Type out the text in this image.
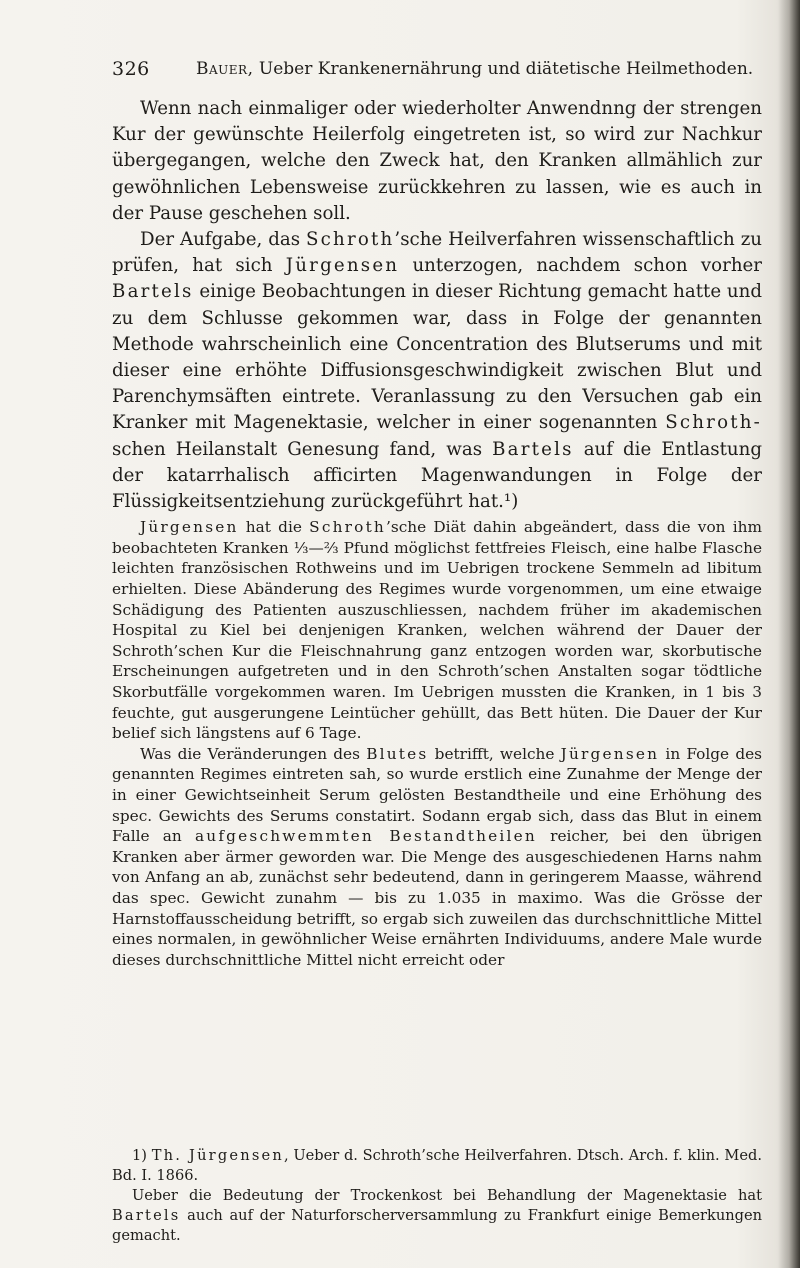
326	Bauer, Ueber Krankenernährung und diätetische Heilmethoden.

Wenn nach einmaliger oder wiederholter Anwendnng der strengen Kur der gewünschte Heilerfolg eingetreten ist, so wird zur Nachkur übergegangen, welche den Zweck hat, den Kranken allmählich zur gewöhnlichen Lebensweise zurückkehren zu lassen, wie es auch in der Pause geschehen soll.

Der Aufgabe, das Schroth’sche Heilverfahren wissenschaftlich zu prüfen, hat sich Jürgensen unterzogen, nachdem schon vorher Bartels einige Beobachtungen in dieser Richtung gemacht hatte und zu dem Schlusse gekommen war, dass in Folge der genannten Methode wahrscheinlich eine Concentration des Blutserums und mit dieser eine erhöhte Diffusionsgeschwindigkeit zwischen Blut und Parenchymsäften eintrete. Veranlassung zu den Versuchen gab ein Kranker mit Magenektasie, welcher in einer sogenannten Schroth-schen Heilanstalt Genesung fand, was Bartels auf die Entlastung der katarrhalisch afficirten Magenwandungen in Folge der Flüssigkeitsentziehung zurückgeführt hat.¹)

Jürgensen hat die Schroth’sche Diät dahin abgeändert, dass die von ihm beobachteten Kranken ⅓—⅔ Pfund möglichst fettfreies Fleisch, eine halbe Flasche leichten französischen Rothweins und im Uebrigen trockene Semmeln ad libitum erhielten. Diese Abänderung des Regimes wurde vorgenommen, um eine etwaige Schädigung des Patienten auszuschliessen, nachdem früher im akademischen Hospital zu Kiel bei denjenigen Kranken, welchen während der Dauer der Schroth’schen Kur die Fleischnahrung ganz entzogen worden war, skorbutische Erscheinungen aufgetreten und in den Schroth’schen Anstalten sogar tödtliche Skorbutfälle vorgekommen waren. Im Uebrigen mussten die Kranken, in 1 bis 3 feuchte, gut ausgerungene Leintücher gehüllt, das Bett hüten. Die Dauer der Kur belief sich längstens auf 6 Tage.

Was die Veränderungen des Blutes betrifft, welche Jürgensen in Folge des genannten Regimes eintreten sah, so wurde erstlich eine Zunahme der Menge der in einer Gewichtseinheit Serum gelösten Bestandtheile und eine Erhöhung des spec. Gewichts des Serums constatirt. Sodann ergab sich, dass das Blut in einem Falle an aufgeschwemmten Bestandtheilen reicher, bei den übrigen Kranken aber ärmer geworden war. Die Menge des ausgeschiedenen Harns nahm von Anfang an ab, zunächst sehr bedeutend, dann in geringerem Maasse, während das spec. Gewicht zunahm — bis zu 1.035 in maximo. Was die Grösse der Harnstoffausscheidung betrifft, so ergab sich zuweilen das durchschnittliche Mittel eines normalen, in gewöhnlicher Weise ernährten Individuums, andere Male wurde dieses durchschnittliche Mittel nicht erreicht oder

1) Th. Jürgensen, Ueber d. Schroth’sche Heilverfahren. Dtsch. Arch. f. klin. Med. Bd. I. 1866.

Ueber die Bedeutung der Trockenkost bei Behandlung der Magenektasie hat Bartels auch auf der Naturforscherversammlung zu Frankfurt einige Bemerkungen gemacht.
